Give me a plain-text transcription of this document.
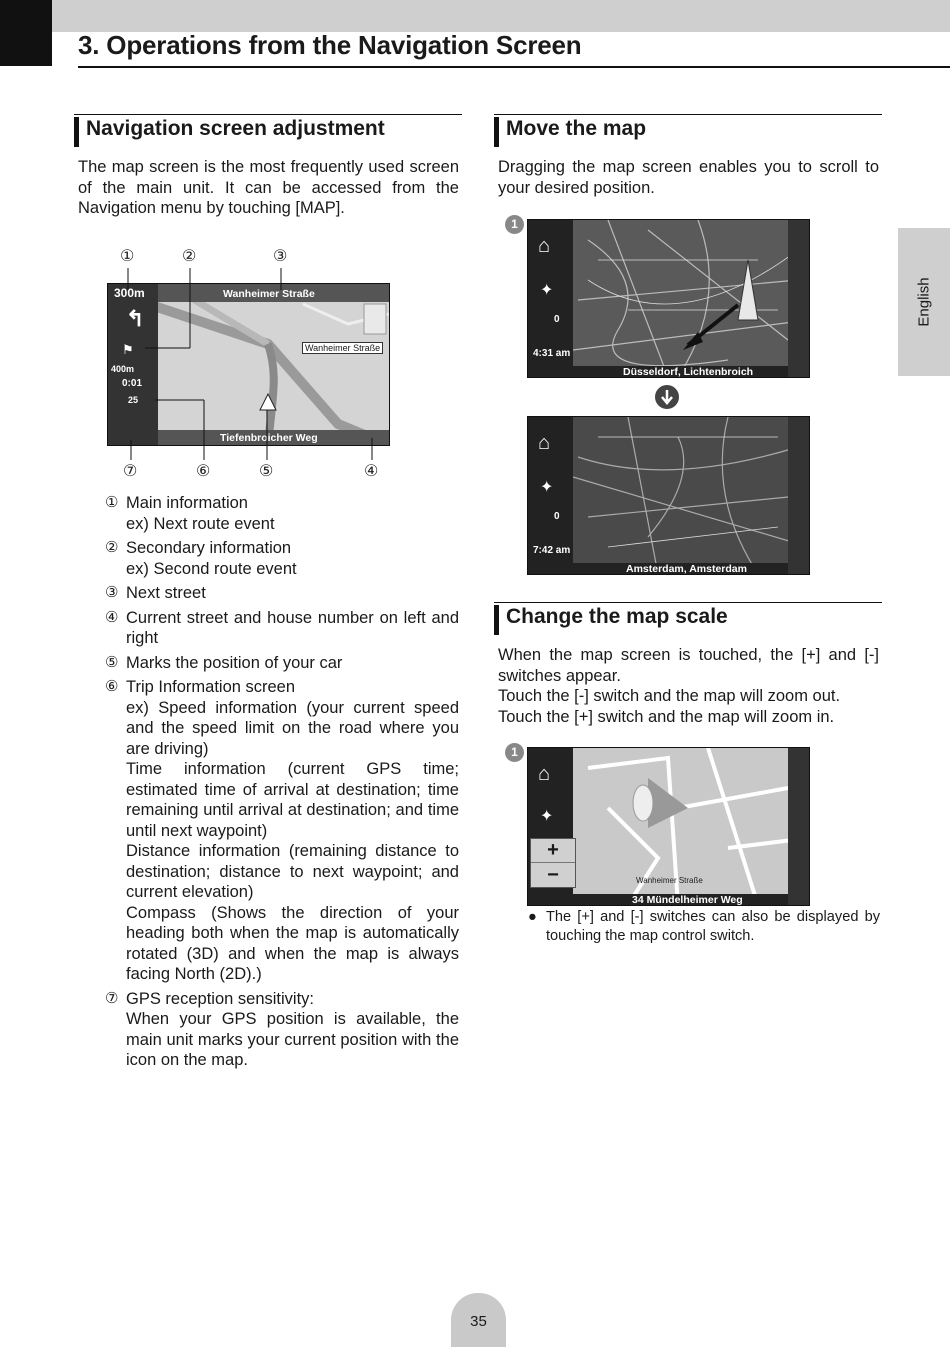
3. Operations from the Navigation Screen
English
Navigation screen adjustment
The map screen is the most frequently used screen of the main unit. It can be accessed from the Navigation menu by touching [MAP].
①	②	③
⑦	⑥	⑤	④
300m
↰
⚑
400m
0:01
25
Wanheimer Straße
Wanheimer Straße
Tiefenbroicher Weg
① Main information

ex) Next route event

② Secondary information

ex) Second route event

③ Next street

④ Current street and house number on left and right

⑤ Marks the position of your car

⑥ Trip Information screen

ex) Speed information (your current speed and the speed limit on the road where you are driving)

Time information (current GPS time; estimated time of arrival at destination; time remaining until arrival at destination; and time until next waypoint)

Distance information (remaining distance to destination; distance to next waypoint; and current elevation)

Compass (Shows the direction of your heading both when the map is automatically rotated (3D) and when the map is always facing North (2D).)

⑦ GPS reception sensitivity:

When your GPS position is available, the main unit marks your current position with the icon on the map.

Move the map
Dragging the map screen enables you to scroll to your desired position.
1
⌂
✦
0
4:31 am
Düsseldorf, Lichtenbroich
⌂
✦
0
7:42 am
Amsterdam, Amsterdam
Change the map scale
When the map screen is touched, the [+] and [-] switches appear.
Touch the [-] switch and the map will zoom out.
Touch the [+] switch and the map will zoom in.
1
⌂
✦
+
−	Wanheimer Straße
34 Mündelheimer Weg
● The [+] and [-] switches can also be displayed by touching the map control switch.
35
